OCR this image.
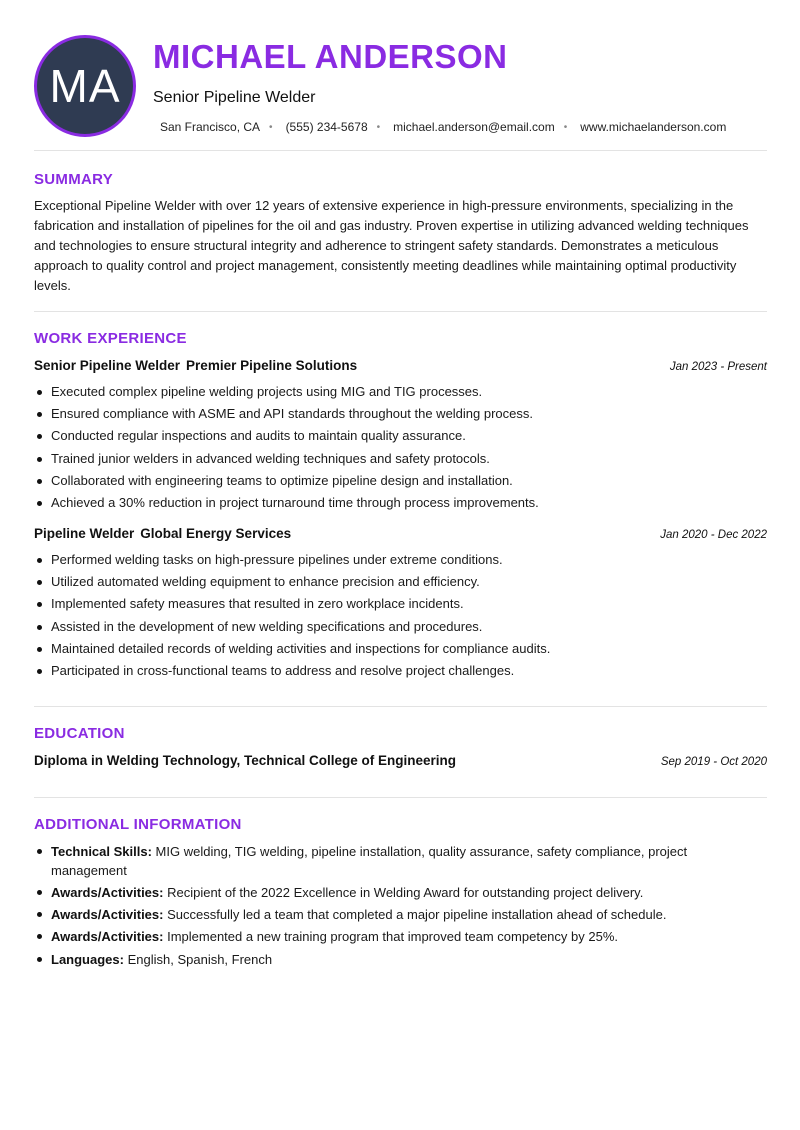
MA
MICHAEL ANDERSON
Senior Pipeline Welder
San Francisco, CA • (555) 234-5678 • michael.anderson@email.com • www.michaelanderson.com
SUMMARY

Exceptional Pipeline Welder with over 12 years of extensive experience in high-pressure environments, specializing in the fabrication and installation of pipelines for the oil and gas industry. Proven expertise in utilizing advanced welding techniques and technologies to ensure structural integrity and adherence to stringent safety standards. Demonstrates a meticulous approach to quality control and project management, consistently meeting deadlines while maintaining optimal productivity levels.

WORK EXPERIENCE
Senior Pipeline Welder Premier Pipeline Solutions	Jan 2023 - Present
Executed complex pipeline welding projects using MIG and TIG processes.
Ensured compliance with ASME and API standards throughout the welding process.
Conducted regular inspections and audits to maintain quality assurance.
Trained junior welders in advanced welding techniques and safety protocols.
Collaborated with engineering teams to optimize pipeline design and installation.
Achieved a 30% reduction in project turnaround time through process improvements.
Pipeline Welder Global Energy Services	Jan 2020 - Dec 2022
Performed welding tasks on high-pressure pipelines under extreme conditions.
Utilized automated welding equipment to enhance precision and efficiency.
Implemented safety measures that resulted in zero workplace incidents.
Assisted in the development of new welding specifications and procedures.
Maintained detailed records of welding activities and inspections for compliance audits.
Participated in cross-functional teams to address and resolve project challenges.
EDUCATION
Diploma in Welding Technology, Technical College of Engineering	Sep 2019 - Oct 2020
ADDITIONAL INFORMATION
Technical Skills: MIG welding, TIG welding, pipeline installation, quality assurance, safety compliance, project management
Awards/Activities: Recipient of the 2022 Excellence in Welding Award for outstanding project delivery.
Awards/Activities: Successfully led a team that completed a major pipeline installation ahead of schedule.
Awards/Activities: Implemented a new training program that improved team competency by 25%.
Languages: English, Spanish, French
